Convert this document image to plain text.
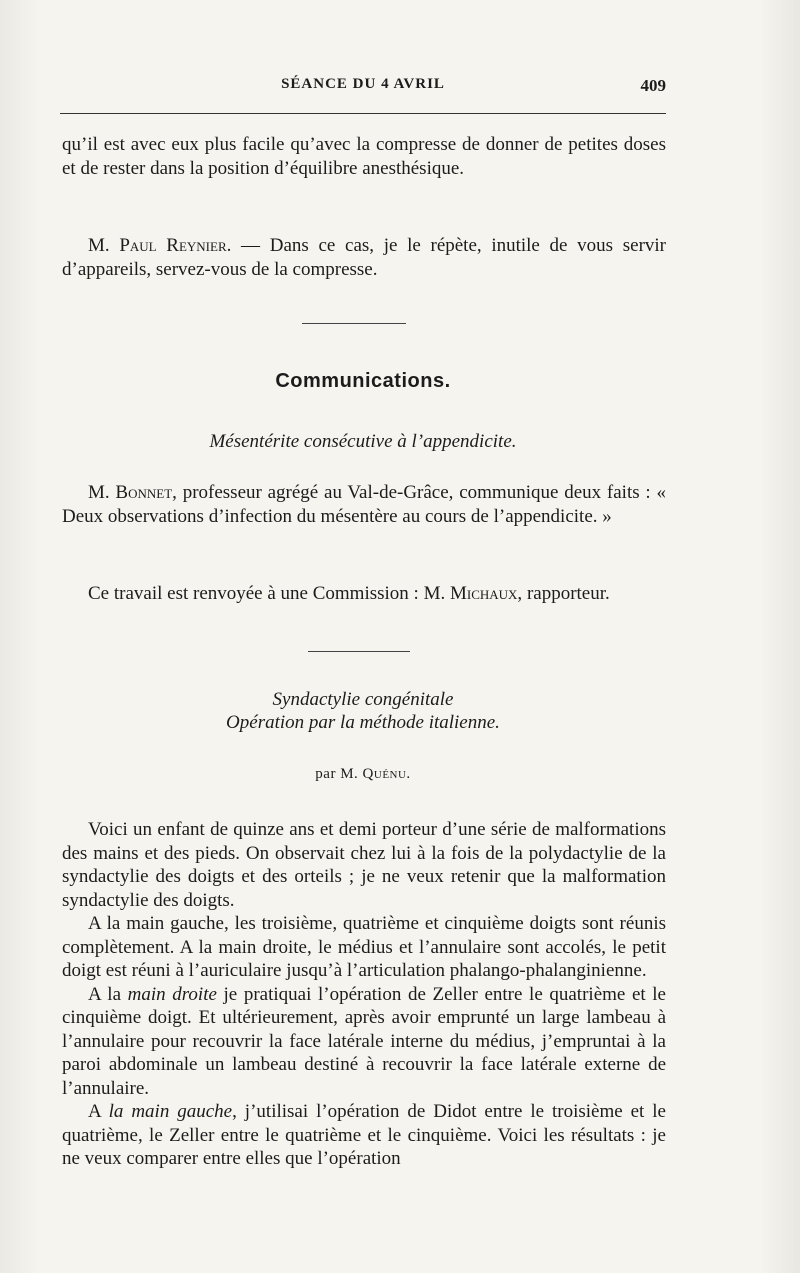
SÉANCE DU 4 AVRIL	409

qu’il est avec eux plus facile qu’avec la compresse de donner de petites doses et de rester dans la position d’équilibre anesthésique.

M. Paul Reynier. — Dans ce cas, je le répète, inutile de vous servir d’appareils, servez-vous de la compresse.

Communications.
Mésentérite consécutive à l’appendicite.

M. Bonnet, professeur agrégé au Val-de-Grâce, communique deux faits : « Deux observations d’infection du mésentère au cours de l’appendicite. »

Ce travail est renvoyée à une Commission : M. Michaux, rapporteur.

Syndactylie congénitale
Opération par la méthode italienne.
par M. Quénu.

Voici un enfant de quinze ans et demi porteur d’une série de malformations des mains et des pieds. On observait chez lui à la fois de la polydactylie de la syndactylie des doigts et des orteils ; je ne veux retenir que la malformation syndactylie des doigts.

A la main gauche, les troisième, quatrième et cinquième doigts sont réunis complètement. A la main droite, le médius et l’annulaire sont accolés, le petit doigt est réuni à l’auriculaire jusqu’à l’articulation phalango-phalanginienne.

A la main droite je pratiquai l’opération de Zeller entre le quatrième et le cinquième doigt. Et ultérieurement, après avoir emprunté un large lambeau à l’annulaire pour recouvrir la face latérale interne du médius, j’empruntai à la paroi abdominale un lambeau destiné à recouvrir la face latérale externe de l’annulaire.

A la main gauche, j’utilisai l’opération de Didot entre le troisième et le quatrième, le Zeller entre le quatrième et le cinquième. Voici les résultats : je ne veux comparer entre elles que l’opération
